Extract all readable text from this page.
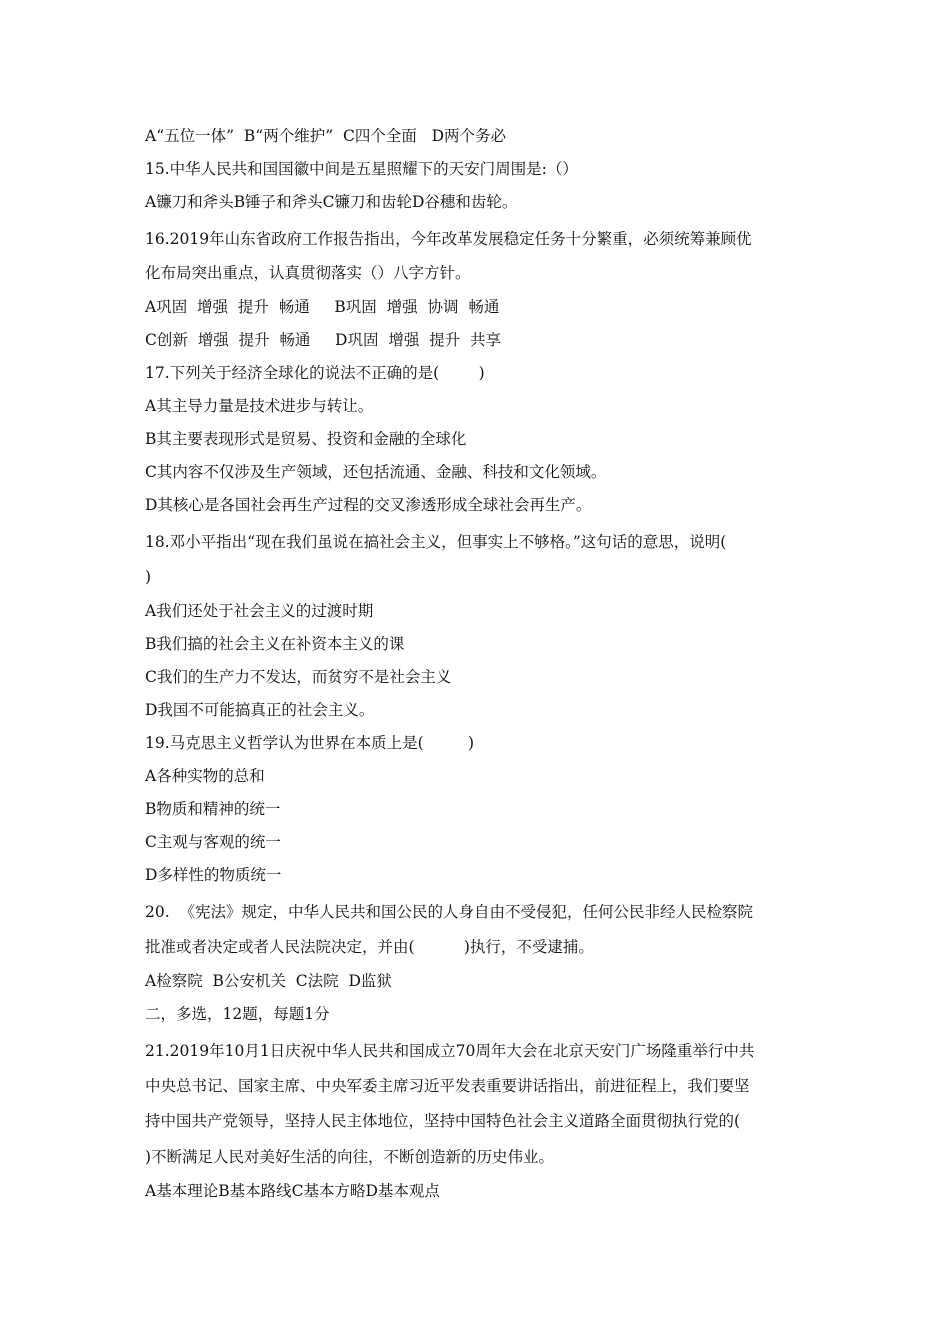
A“五位一体”  B“两个维护”  C四个全面   D两个务必

15.中华人民共和国国徽中间是五星照耀下的天安门周围是:（）

A镰刀和斧头B锤子和斧头C镰刀和齿轮D谷穗和齿轮。

16.2019年山东省政府工作报告指出，今年改革发展稳定任务十分繁重，必须统筹兼顾优

化布局突出重点，认真贯彻落实（）八字方针。

A巩固  增强  提升  畅通     B巩固  增强  协调  畅通

C创新  增强  提升  畅通     D巩固  增强  提升  共享

17.下列关于经济全球化的说法不正确的是(        )

A其主导力量是技术进步与转让。

B其主要表现形式是贸易、投资和金融的全球化

C其内容不仅涉及生产领域，还包括流通、金融、科技和文化领域。

D其核心是各国社会再生产过程的交叉渗透形成全球社会再生产。

18.邓小平指出“现在我们虽说在搞社会主义，但事实上不够格。”这句话的意思，说明(

)

A我们还处于社会主义的过渡时期

B我们搞的社会主义在补资本主义的课

C我们的生产力不发达，而贫穷不是社会主义

D我国不可能搞真正的社会主义。

19.马克思主义哲学认为世界在本质上是(         )

A各种实物的总和

B物质和精神的统一

C主观与客观的统一

D多样性的物质统一

20.  《宪法》规定，中华人民共和国公民的人身自由不受侵犯，任何公民非经人民检察院

批准或者决定或者人民法院决定，并由(          )执行，不受逮捕。

A检察院  B公安机关  C法院  D监狱

二，多选，12题，每题1分

21.2019年10月1日庆祝中华人民共和国成立70周年大会在北京天安门广场隆重举行中共

中央总书记、国家主席、中央军委主席习近平发表重要讲话指出，前进征程上，我们要坚

持中国共产党领导，坚持人民主体地位，坚持中国特色社会主义道路全面贯彻执行党的(

)不断满足人民对美好生活的向往，不断创造新的历史伟业。

A基本理论B基本路线C基本方略D基本观点
